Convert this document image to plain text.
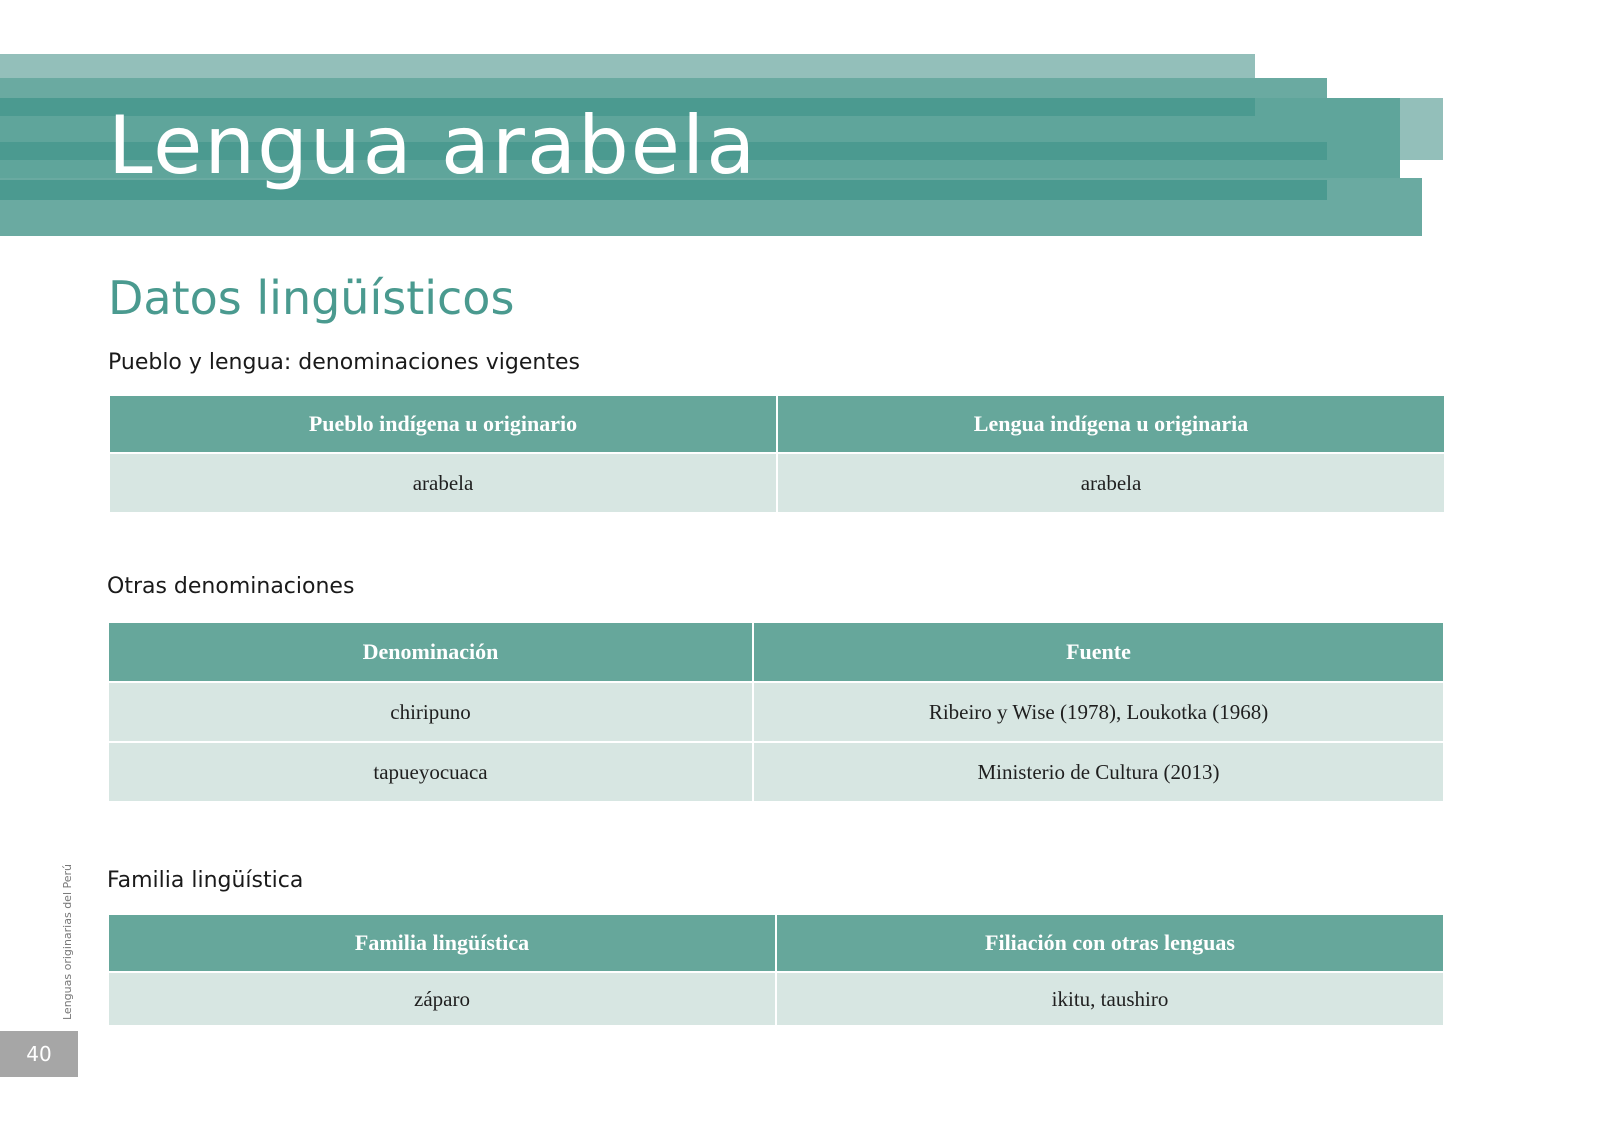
Lengua arabela
Datos lingüísticos
Pueblo y lengua: denominaciones vigentes
Pueblo indígena u originario	Lengua indígena u originaria
arabela	arabela
Otras denominaciones
Denominación	Fuente
chiripuno	Ribeiro y Wise (1978), Loukotka (1968)
tapueyocuaca	Ministerio de Cultura (2013)
Familia lingüística
Familia lingüística	Filiación con otras lenguas
záparo	ikitu, taushiro
Lenguas originarias del Perú
40
